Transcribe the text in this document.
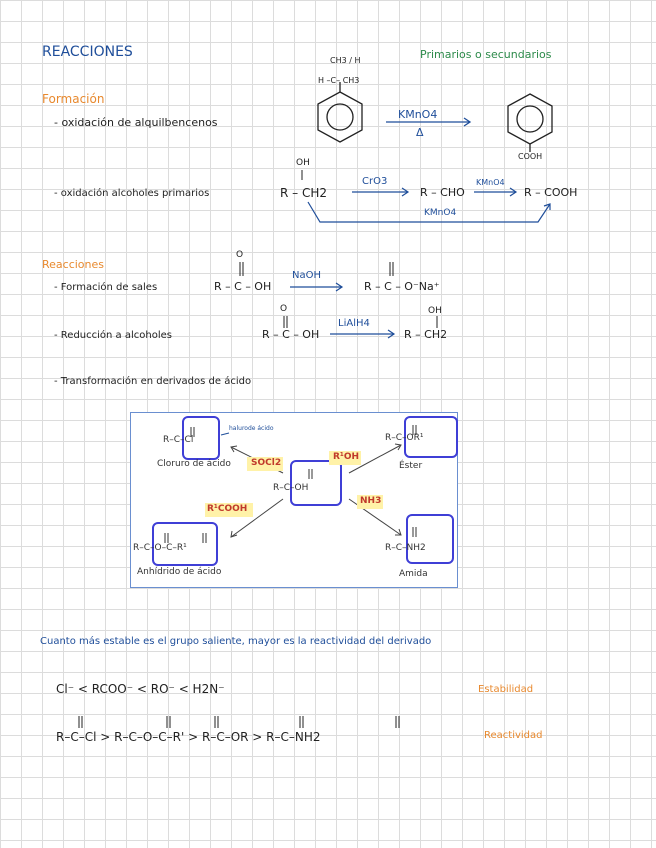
REACCIONES	Primarios o secundarios
Formación
- oxidación de alquilbencenos
CH3 / H
H –C– CH3
KMnO4
Δ
COOH
- oxidación alcoholes primarios
OH
R – CH2
CrO3
R – CHO
KMnO4
R – COOH
KMnO4
Reacciones
- Formación de sales
O
R – C – OH
NaOH
R – C – O⁻Na⁺
- Reducción a alcoholes
O
R – C – OH
LiAlH4
OH
R – CH2
- Transformación en derivados de ácido
R–C–Cl
Cloruro de ácido
halurode ácido
R–C–OH
R–C–OR¹
Éster
R–C–O–C–R¹
Anhídrido de ácido
R–C–NH2
Amida
SOCl2
R¹OH
R¹COOH
NH3
Cuanto más estable es el grupo saliente, mayor es la reactividad del derivado
Cl⁻ < RCOO⁻ < RO⁻ < H2N⁻	Estabilidad
R–C–Cl > R–C–O–C–R' > R–C–OR > R–C–NH2	Reactividad
